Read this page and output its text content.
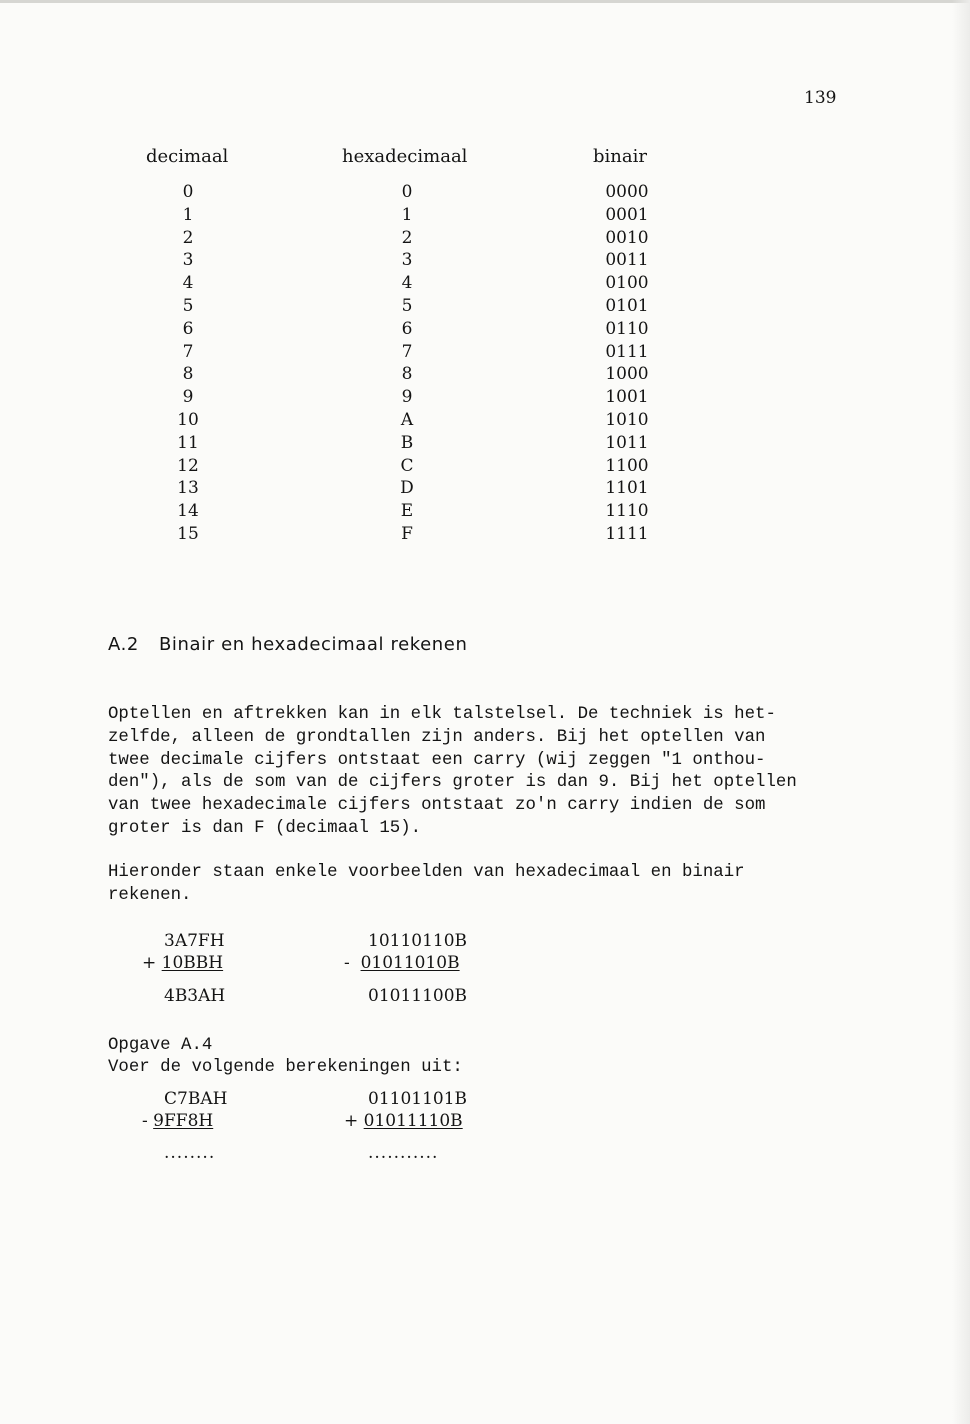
139
decimaal	hexadecimaal	binair
0
1
2
3
4
5
6
7
8
9
10
11
12
13
14
15
0
1
2
3
4
5
6
7
8
9
A
B
C
D
E
F
0000
0001
0010
0011
0100
0101
0110
0111
1000
1001
1010
1011
1100
1101
1110
1111
A.2 Binair en hexadecimaal rekenen

Optellen en aftrekken kan in elk talstelsel. De techniek is het-
zelfde, alleen de grondtallen zijn anders. Bij het optellen van
twee decimale cijfers ontstaat een carry (wij zeggen "1 onthou-
den"), als de som van de cijfers groter is dan 9. Bij het optellen
van twee hexadecimale cijfers ontstaat zo'n carry indien de som
groter is dan F (decimaal 15).

Hieronder staan enkele voorbeelden van hexadecimaal en binair
rekenen.

3A7FH
+ 10BBH
4B3AH
10110110B
- 01011010B
01011100B
Opgave A.4
Voer de volgende berekeningen uit:
C7BAH
- 9FF8H
........
01101101B
+ 01011110B
...........
